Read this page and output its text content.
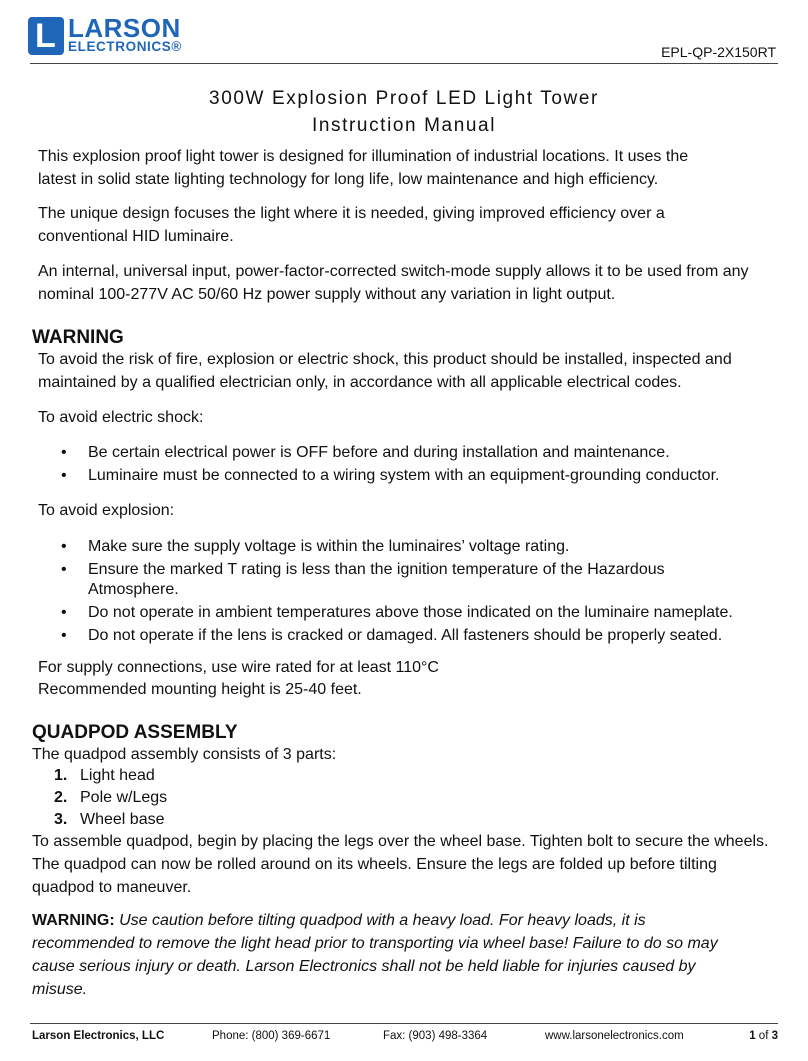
L LARSON
ELECTRONICS®	EPL-QP-2X150RT
300W Explosion Proof LED Light Tower
Instruction Manual

This explosion proof light tower is designed for illumination of industrial locations. It uses the latest in solid state lighting technology for long life, low maintenance and high efficiency.

The unique design focuses the light where it is needed, giving improved efficiency over a conventional HID luminaire.

An internal, universal input, power-factor-corrected switch-mode supply allows it to be used from any nominal 100-277V AC 50/60 Hz power supply without any variation in light output.

WARNING

To avoid the risk of fire, explosion or electric shock, this product should be installed, inspected and maintained by a qualified electrician only, in accordance with all applicable electrical codes.

To avoid electric shock:

• Be certain electrical power is OFF before and during installation and maintenance.
• Luminaire must be connected to a wiring system with an equipment-grounding conductor.

To avoid explosion:

• Make sure the supply voltage is within the luminaires’ voltage rating.
• Ensure the marked T rating is less than the ignition temperature of the Hazardous Atmosphere.
• Do not operate in ambient temperatures above those indicated on the luminaire nameplate.
• Do not operate if the lens is cracked or damaged. All fasteners should be properly seated.

For supply connections, use wire rated for at least 110°C

Recommended mounting height is 25-40 feet.

QUADPOD ASSEMBLY

The quadpod assembly consists of 3 parts:

1. Light head
2. Pole w/Legs
3. Wheel base

To assemble quadpod, begin by placing the legs over the wheel base. Tighten bolt to secure the wheels. The quadpod can now be rolled around on its wheels. Ensure the legs are folded up before tilting quadpod to maneuver.

WARNING: Use caution before tilting quadpod with a heavy load. For heavy loads, it is recommended to remove the light head prior to transporting via wheel base! Failure to do so may cause serious injury or death. Larson Electronics shall not be held liable for injuries caused by misuse.

Larson Electronics, LLC	Phone: (800) 369-6671	Fax: (903) 498-3364	www.larsonelectronics.com	1 of 3
